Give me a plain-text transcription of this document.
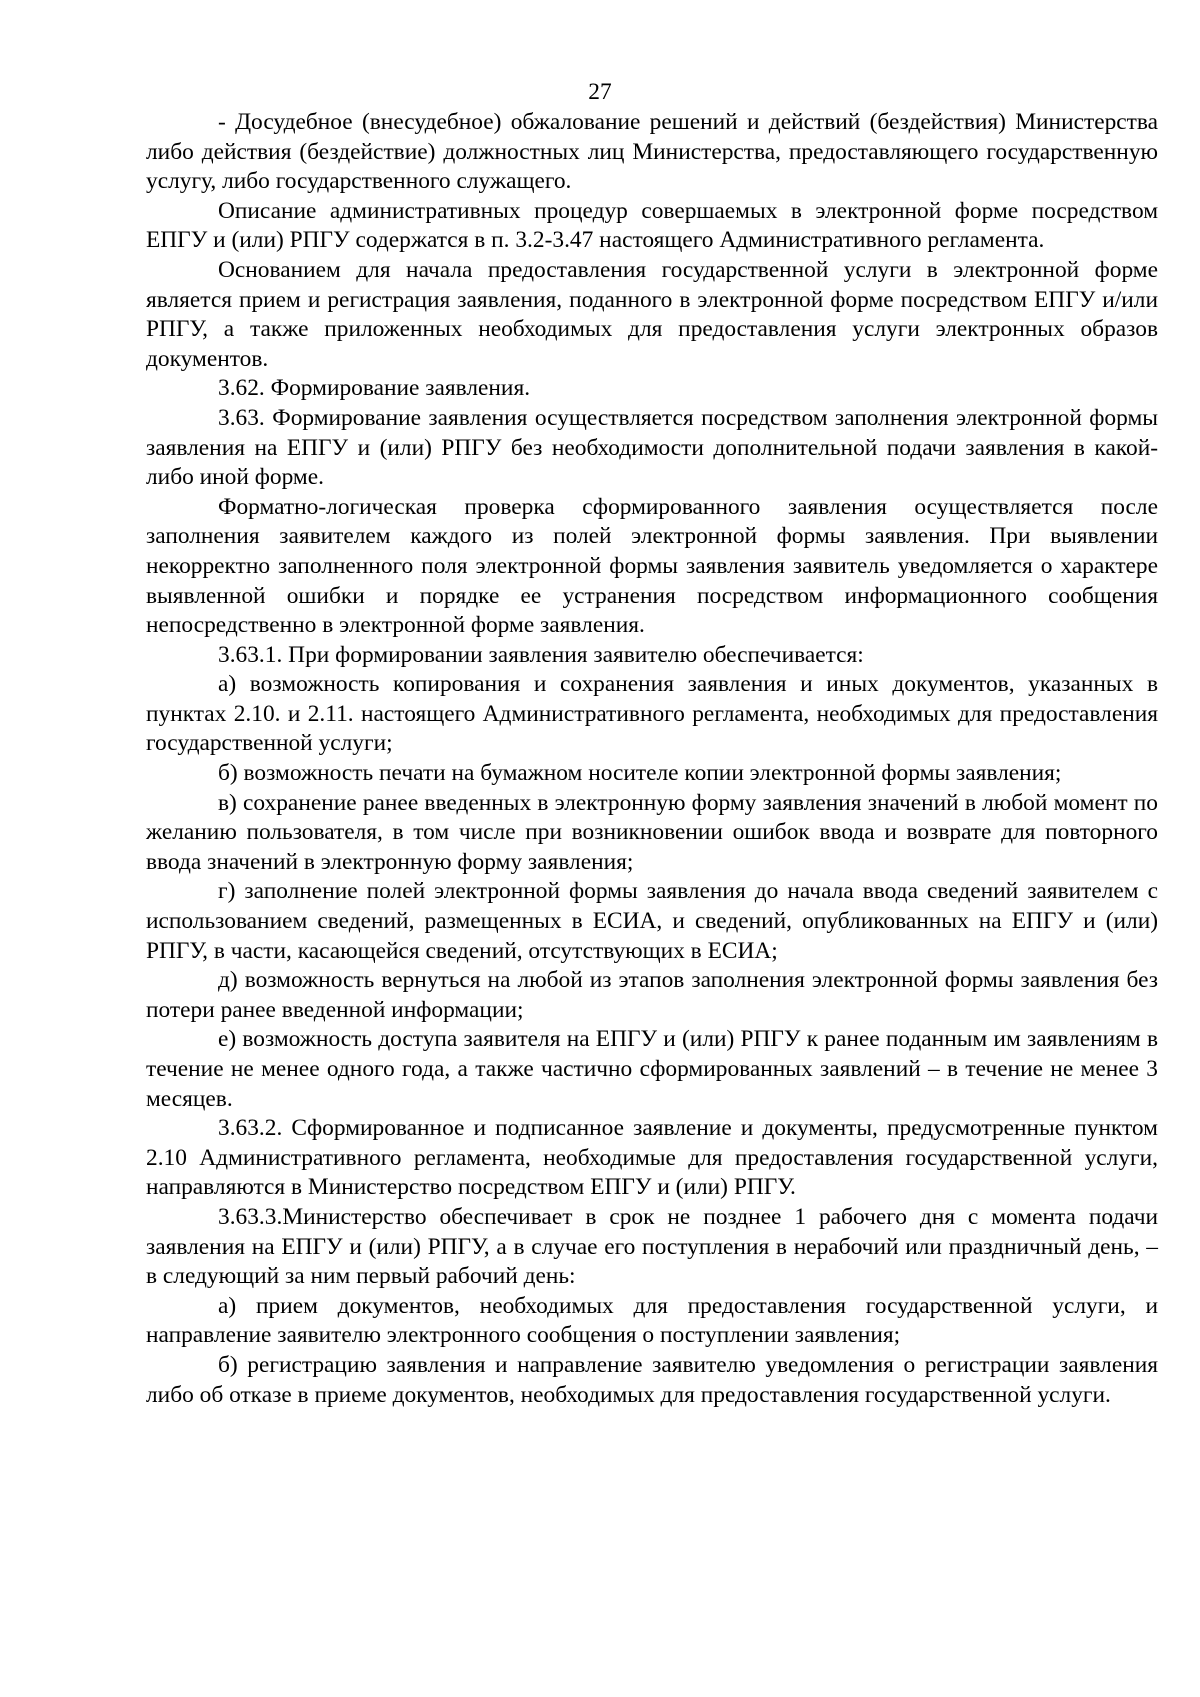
27

- Досудебное (внесудебное) обжалование решений и действий (бездействия) Министерства либо действия (бездействие) должностных лиц Министерства, предоставляющего государственную услугу, либо государственного служащего.

Описание административных процедур совершаемых в электронной форме посредством ЕПГУ и (или) РПГУ содержатся в п. 3.2-3.47 настоящего Административного регламента.

Основанием для начала предоставления государственной услуги в электронной форме является прием и регистрация заявления, поданного в электронной форме посредством ЕПГУ и/или РПГУ, а также приложенных необходимых для предоставления услуги электронных образов документов.

3.62. Формирование заявления.

3.63. Формирование заявления осуществляется посредством заполнения электронной формы заявления на ЕПГУ и (или) РПГУ без необходимости дополнительной подачи заявления в какой-либо иной форме.

Форматно-логическая проверка сформированного заявления осуществляется после заполнения заявителем каждого из полей электронной формы заявления. При выявлении некорректно заполненного поля электронной формы заявления заявитель уведомляется о характере выявленной ошибки и порядке ее устранения посредством информационного сообщения непосредственно в электронной форме заявления.

3.63.1. При формировании заявления заявителю обеспечивается:

а) возможность копирования и сохранения заявления и иных документов, указанных в пунктах 2.10. и 2.11. настоящего Административного регламента, необходимых для предоставления государственной услуги;

б) возможность печати на бумажном носителе копии электронной формы заявления;

в) сохранение ранее введенных в электронную форму заявления значений в любой момент по желанию пользователя, в том числе при возникновении ошибок ввода и возврате для повторного ввода значений в электронную форму заявления;

г) заполнение полей электронной формы заявления до начала ввода сведений заявителем с использованием сведений, размещенных в ЕСИА, и сведений, опубликованных на ЕПГУ и (или) РПГУ, в части, касающейся сведений, отсутствующих в ЕСИА;

д) возможность вернуться на любой из этапов заполнения электронной формы заявления без потери ранее введенной информации;

е) возможность доступа заявителя на ЕПГУ и (или) РПГУ к ранее поданным им заявлениям в течение не менее одного года, а также частично сформированных заявлений – в течение не менее 3 месяцев.

3.63.2. Сформированное и подписанное заявление и документы, предусмотренные пунктом 2.10 Административного регламента, необходимые для предоставления государственной услуги, направляются в Министерство посредством ЕПГУ и (или) РПГУ.

3.63.3.Министерство обеспечивает в срок не позднее 1 рабочего дня с момента подачи заявления на ЕПГУ и (или) РПГУ, а в случае его поступления в нерабочий или праздничный день, – в следующий за ним первый рабочий день:

а) прием документов, необходимых для предоставления государственной услуги, и направление заявителю электронного сообщения о поступлении заявления;

б) регистрацию заявления и направление заявителю уведомления о регистрации заявления либо об отказе в приеме документов, необходимых для предоставления государственной услуги.
